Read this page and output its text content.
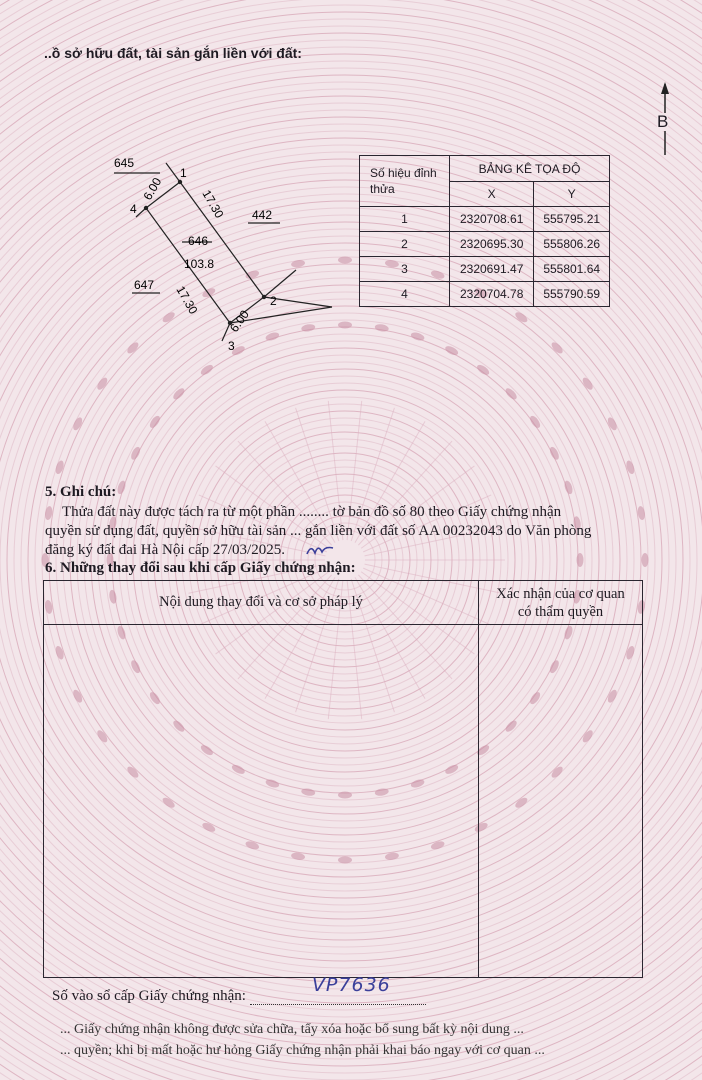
..ồ sở hữu đất, tài sản gắn liền với đất:
B
645
442
647
646
103.8
1
2
3
4
6.00	17.30
6.00
17.30
Số hiệu đỉnh thửa	BẢNG KÊ TỌA ĐỘ	
	X	Y
1	2320708.61	555795.21
2	2320695.30	555806.26
3	2320691.47	555801.64
4	2320704.78	555790.59
5. Ghi chú:
Thửa đất này được tách ra từ một phần ........ tờ bản đồ số 80 theo Giấy chứng nhận
quyền sử dụng đất, quyền sở hữu tài sản ... gắn liền với đất số AA 00232043 do Văn phòng
đăng ký đất đai Hà Nội cấp 27/03/2025.
6. Những thay đổi sau khi cấp Giấy chứng nhận:
Nội dung thay đổi và cơ sở pháp lý	Xác nhận của cơ quan
có thẩm quyền

Số vào sổ cấp Giấy chứng nhận:	VP7636
... Giấy chứng nhận không được sửa chữa, tẩy xóa hoặc bổ sung bất kỳ nội dung ...
... quyền; khi bị mất hoặc hư hỏng Giấy chứng nhận phải khai báo ngay với cơ quan ...
